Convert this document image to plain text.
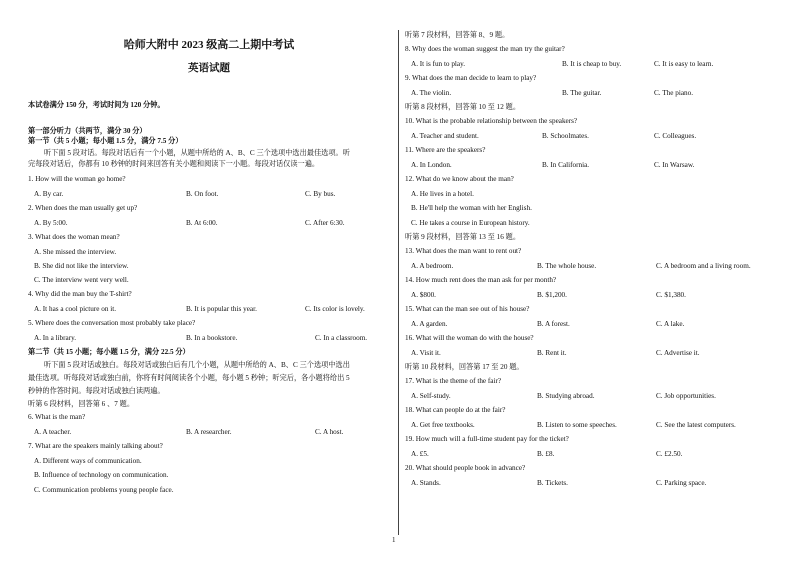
哈师大附中 2023 级高二上期中考试
英语试题
本试卷满分 150 分，考试时间为 120 分钟。
第一部分听力（共两节，满分 30 分）
第一节（共 5 小题；每小题 1.5 分，满分 7.5 分）
听下面 5 段对话。每段对话后有一个小题，从题中所给的 A、B、C 三个选项中选出最佳选项。听
完每段对话后，你都有 10 秒钟的时间来回答有关小题和阅读下一小题。每段对话仅读一遍。
1. How will the woman go home?
A. By car.	B. On foot.	C. By bus.
2. When does the man usually get up?
A. By 5:00.	B. At 6:00.	C. After 6:30.
3. What does the woman mean?
A. She missed the interview.
B. She did not like the interview.
C. The interview went very well.
4. Why did the man buy the T-shirt?
A. It has a cool picture on it.	B. It is popular this year.	C. Its color is lovely.
5. Where does the conversation most probably take place?
A. In a library.	B. In a bookstore.	C. In a classroom.
第二节（共 15 小题；每小题 1.5 分，满分 22.5 分）
听下面 5 段对话或独白。每段对话或独白后有几个小题，从题中所给的 A、B、C 三个选项中选出
最佳选项。听每段对话或独白前，你将有时间阅读各个小题，每小题 5 秒钟；听完后，各小题将给出 5
秒钟的作答时间。每段对话或独白读两遍。
听第 6 段材料，回答第 6 、7 题。
6. What is the man?
A. A teacher.	B. A researcher.	C. A host.
7. What are the speakers mainly talking about?
A. Different ways of communication.
B. Influence of technology on communication.
C. Communication problems young people face.
听第 7 段材料，回答第 8、9 题。
8. Why does the woman suggest the man try the guitar?
A. It is fun to play.	B. It is cheap to buy.	C. It is easy to learn.
9. What does the man decide to learn to play?
A. The violin.	B. The guitar.	C. The piano.
听第 8 段材料，回答第 10 至 12 题。
10. What is the probable relationship between the speakers?
A. Teacher and student.	B. Schoolmates.	C. Colleagues.
11. Where are the speakers?
A. In London.	B. In California.	C. In Warsaw.
12. What do we know about the man?
A. He lives in a hotel.
B. He'll help the woman with her English.
C. He takes a course in European history.
听第 9 段材料，回答第 13 至 16 题。
13. What does the man want to rent out?
A. A bedroom.	B. The whole house.	C. A bedroom and a living room.
14. How much rent does the man ask for per month?
A. $800.	B. $1,200.	C. $1,380.
15. What can the man see out of his house?
A. A garden.	B. A forest.	C. A lake.
16. What will the woman do with the house?
A. Visit it.	B. Rent it.	C. Advertise it.
听第 10 段材料，回答第 17 至 20 题。
17. What is the theme of the fair?
A. Self-study.	B. Studying abroad.	C. Job opportunities.
18. What can people do at the fair?
A. Get free textbooks.	B. Listen to some speeches.	C. See the latest computers.
19. How much will a full-time student pay for the ticket?
A. £5.	B. £8.	C. £2.50.
20. What should people book in advance?
A. Stands.	B. Tickets.	C. Parking space.
1
